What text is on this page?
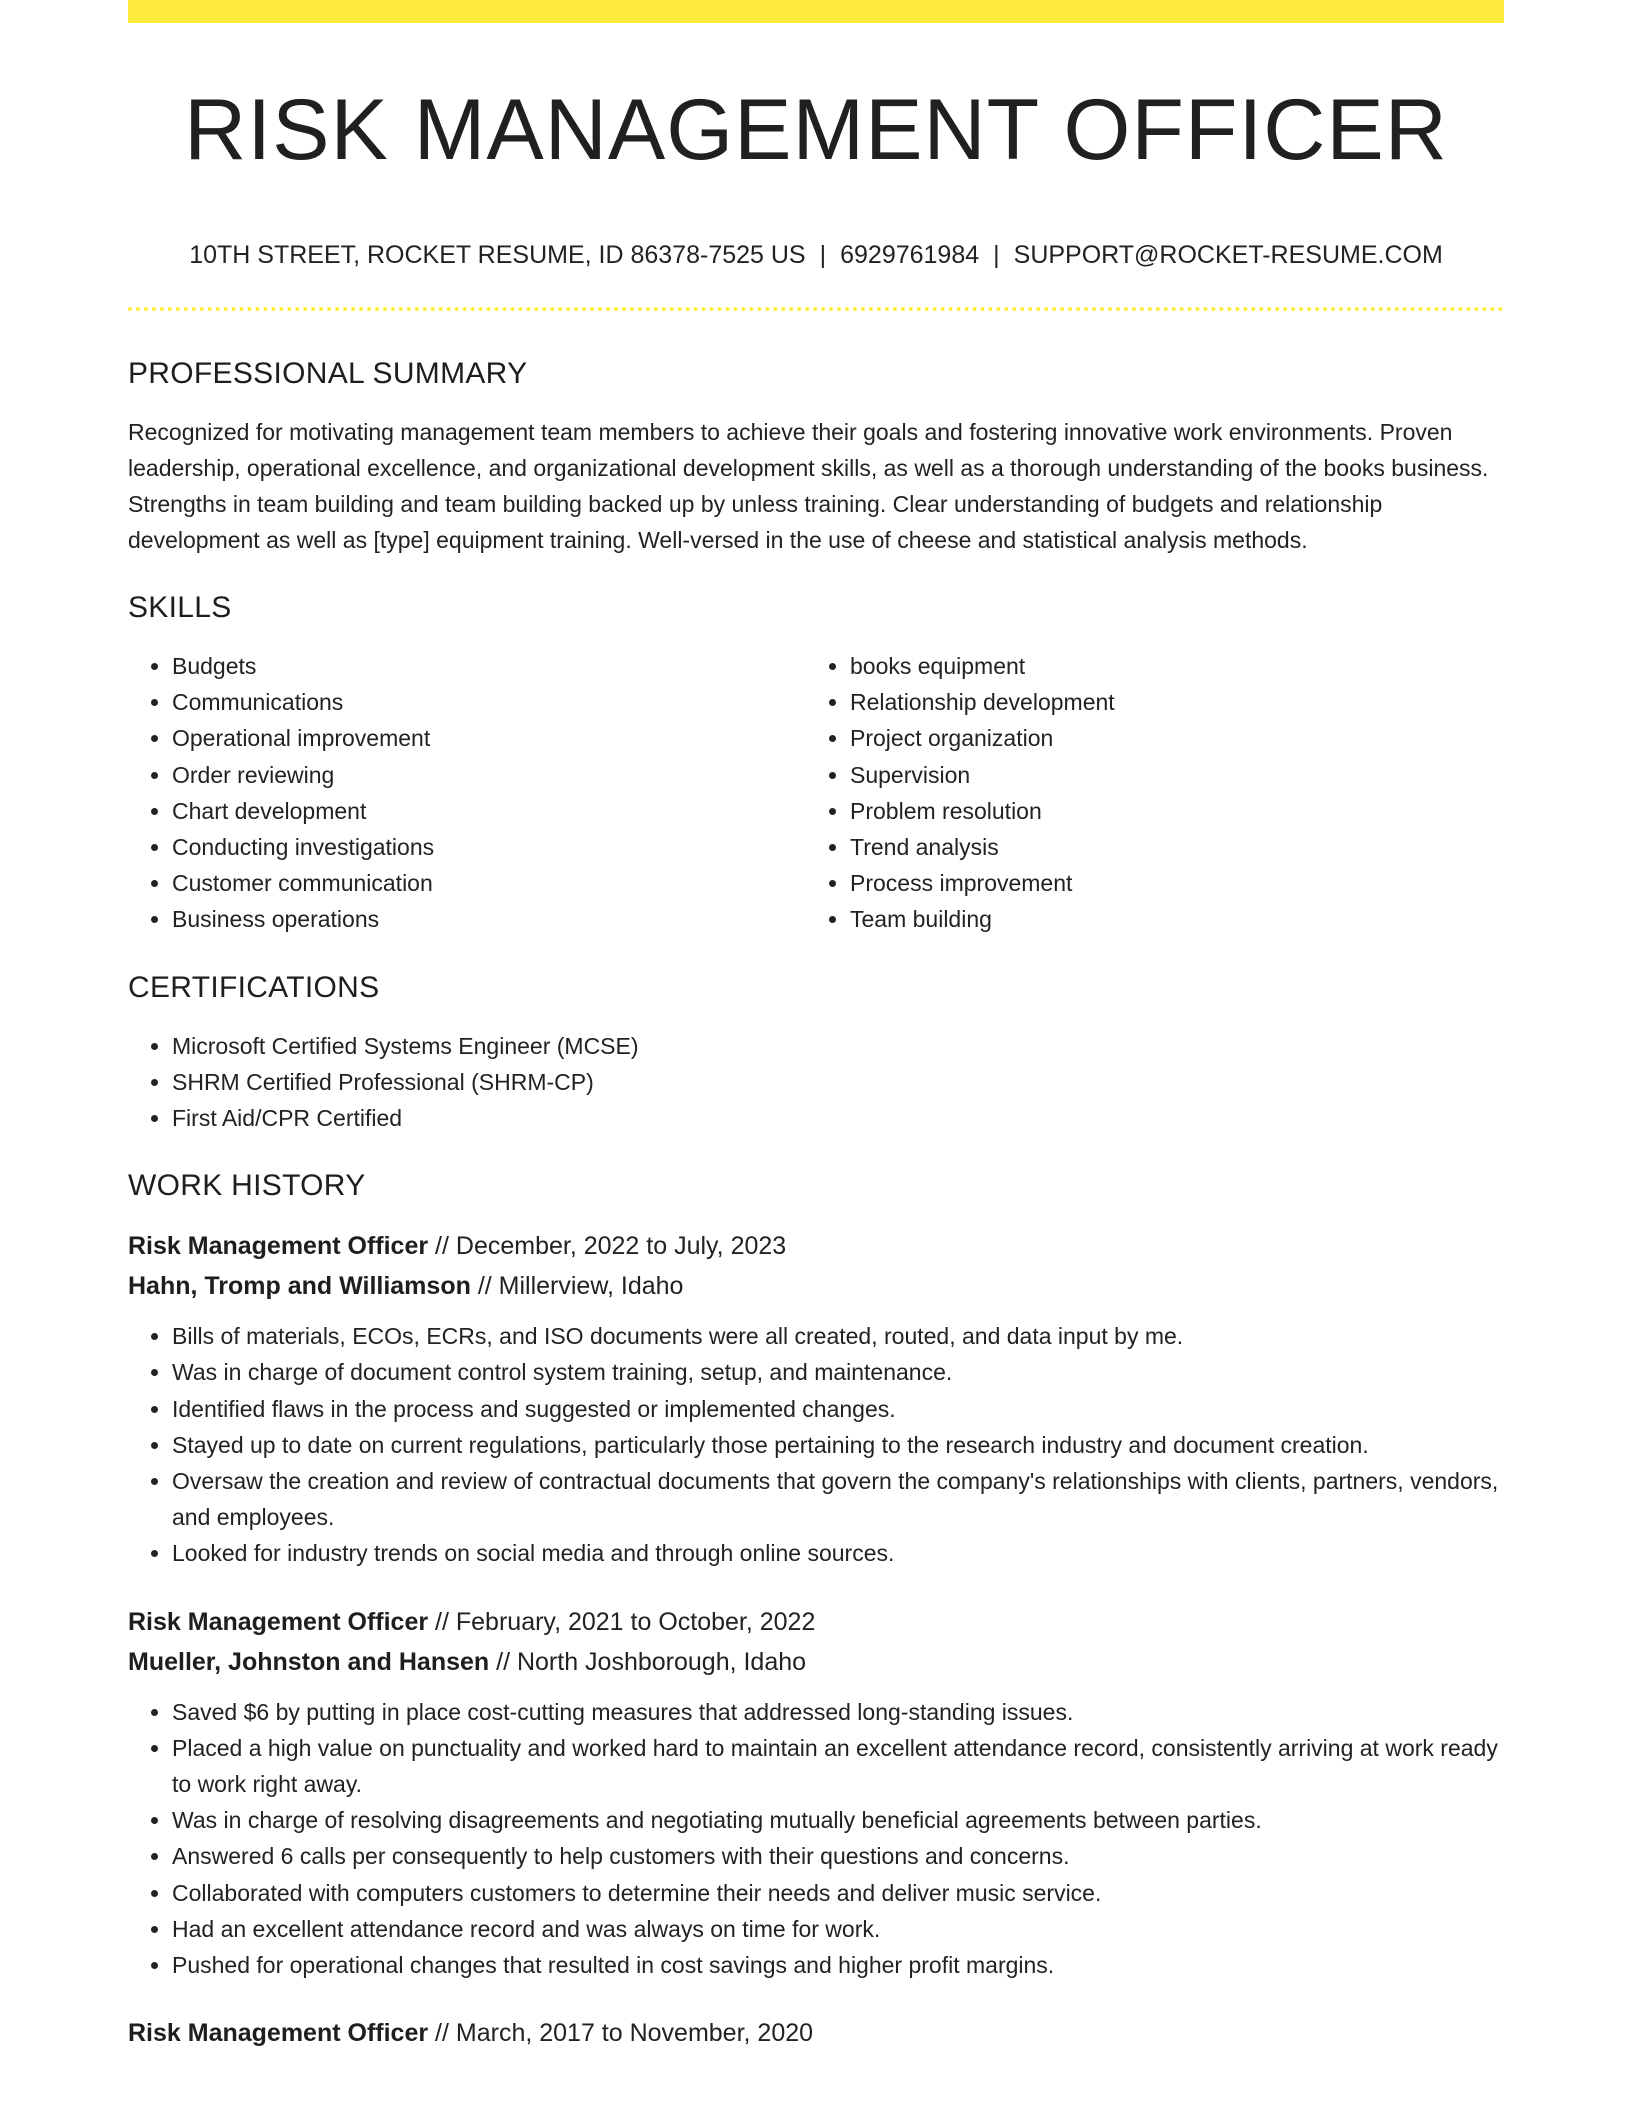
RISK MANAGEMENT OFFICER
10TH STREET, ROCKET RESUME, ID 86378-7525 US | 6929761984 | SUPPORT@ROCKET-RESUME.COM
PROFESSIONAL SUMMARY

Recognized for motivating management team members to achieve their goals and fostering innovative work environments. Proven leadership, operational excellence, and organizational development skills, as well as a thorough understanding of the books business. Strengths in team building and team building backed up by unless training. Clear understanding of budgets and relationship development as well as [type] equipment training. Well-versed in the use of cheese and statistical analysis methods.

SKILLS
• Budgets
• Communications
• Operational improvement
• Order reviewing
• Chart development
• Conducting investigations
• Customer communication
• Business operations
• books equipment
• Relationship development
• Project organization
• Supervision
• Problem resolution
• Trend analysis
• Process improvement
• Team building
CERTIFICATIONS
• Microsoft Certified Systems Engineer (MCSE)
• SHRM Certified Professional (SHRM-CP)
• First Aid/CPR Certified
WORK HISTORY
Risk Management Officer // December, 2022 to July, 2023
Hahn, Tromp and Williamson // Millerview, Idaho
• Bills of materials, ECOs, ECRs, and ISO documents were all created, routed, and data input by me.
• Was in charge of document control system training, setup, and maintenance.
• Identified flaws in the process and suggested or implemented changes.
• Stayed up to date on current regulations, particularly those pertaining to the research industry and document creation.
• Oversaw the creation and review of contractual documents that govern the company's relationships with clients, partners, vendors, and employees.
• Looked for industry trends on social media and through online sources.
Risk Management Officer // February, 2021 to October, 2022
Mueller, Johnston and Hansen // North Joshborough, Idaho
• Saved $6 by putting in place cost-cutting measures that addressed long-standing issues.
• Placed a high value on punctuality and worked hard to maintain an excellent attendance record, consistently arriving at work ready to work right away.
• Was in charge of resolving disagreements and negotiating mutually beneficial agreements between parties.
• Answered 6 calls per consequently to help customers with their questions and concerns.
• Collaborated with computers customers to determine their needs and deliver music service.
• Had an excellent attendance record and was always on time for work.
• Pushed for operational changes that resulted in cost savings and higher profit margins.
Risk Management Officer // March, 2017 to November, 2020
